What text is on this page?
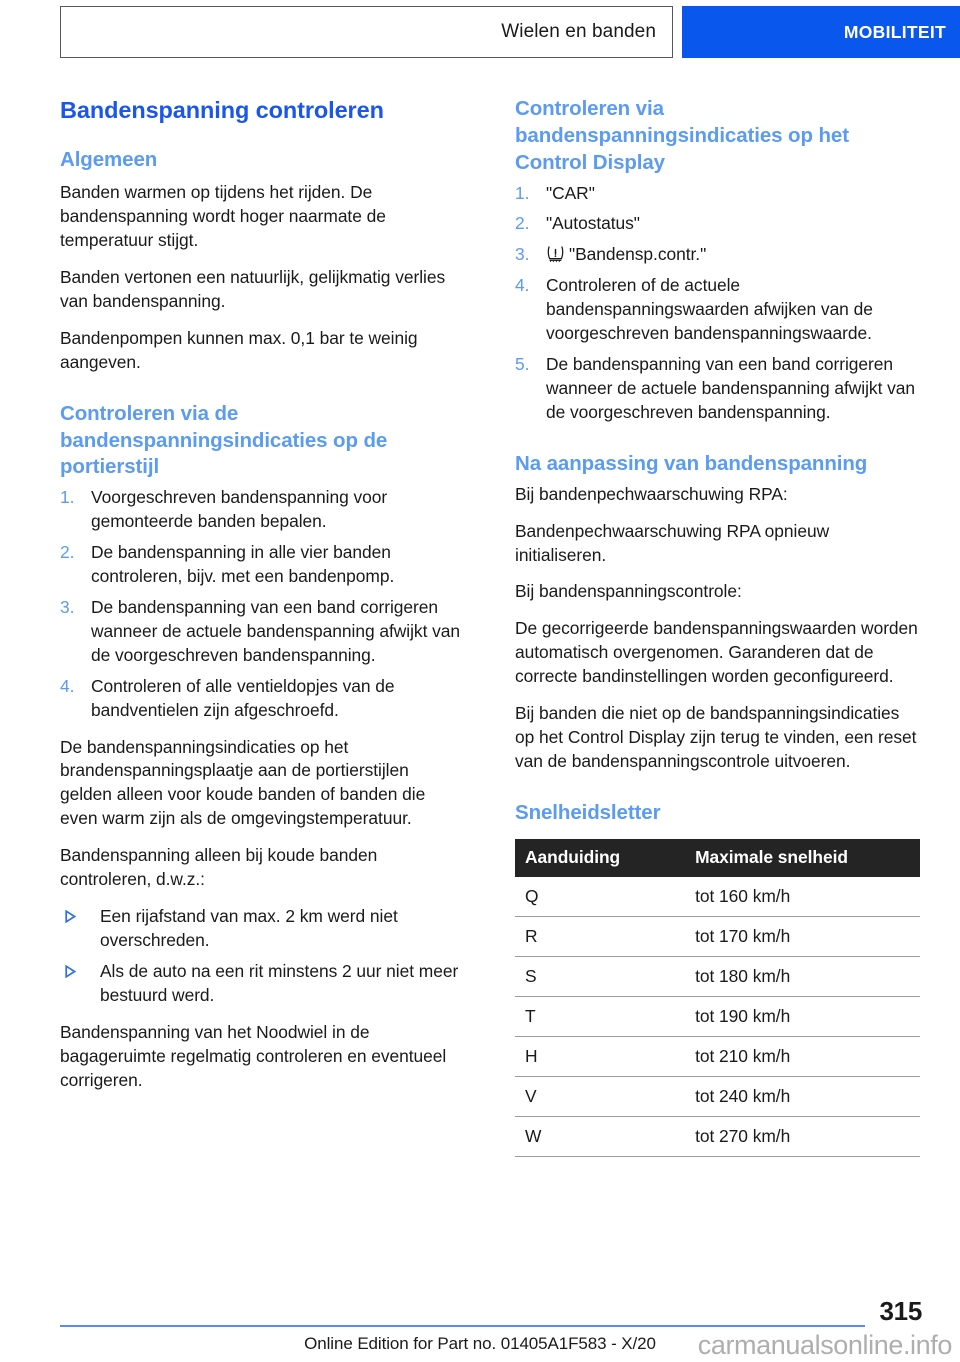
Wielen en banden	MOBILITEIT
Bandenspanning controleren
Algemeen

Banden warmen op tijdens het rijden. De bandenspanning wordt hoger naarmate de temperatuur stijgt.

Banden vertonen een natuurlijk, gelijkmatig verlies van bandenspanning.

Bandenpompen kunnen max. 0,1 bar te weinig aangeven.

Controleren via de bandenspanningsindicaties op de portierstijl
1. Voorgeschreven bandenspanning voor gemonteerde banden bepalen.
2. De bandenspanning in alle vier banden controleren, bijv. met een bandenpomp.
3. De bandenspanning van een band corrigeren wanneer de actuele bandenspanning afwijkt van de voorgeschreven bandenspanning.
4. Controleren of alle ventieldopjes van de bandventielen zijn afgeschroefd.

De bandenspanningsindicaties op het brandenspanningsplaatje aan de portierstijlen gelden alleen voor koude banden of banden die even warm zijn als de omgevingstemperatuur.

Bandenspanning alleen bij koude banden controleren, d.w.z.:

Een rijafstand van max. 2 km werd niet overschreden.
Als de auto na een rit minstens 2 uur niet meer bestuurd werd.

Bandenspanning van het Noodwiel in de bagageruimte regelmatig controleren en eventueel corrigeren.

Controleren via bandenspanningsindicaties op het Control Display
1. "CAR"
2. "Autostatus"
3. "Bandensp.contr."
4. Controleren of de actuele bandenspanningswaarden afwijken van de voorgeschreven bandenspanningswaarde.
5. De bandenspanning van een band corrigeren wanneer de actuele bandenspanning afwijkt van de voorgeschreven bandenspanning.
Na aanpassing van bandenspanning

Bij bandenpechwaarschuwing RPA:

Bandenpechwaarschuwing RPA opnieuw initialiseren.

Bij bandenspanningscontrole:

De gecorrigeerde bandenspanningswaarden worden automatisch overgenomen. Garanderen dat de correcte bandinstellingen worden geconfigureerd.

Bij banden die niet op de bandspanningsindicaties op het Control Display zijn terug te vinden, een reset van de bandenspanningscontrole uitvoeren.

Snelheidsletter
Aanduiding	Maximale snelheid
Q	tot 160 km/h
R	tot 170 km/h
S	tot 180 km/h
T	tot 190 km/h
H	tot 210 km/h
V	tot 240 km/h
W	tot 270 km/h
315
Online Edition for Part no. 01405A1F583 - X/20	carmanualsonline.info
